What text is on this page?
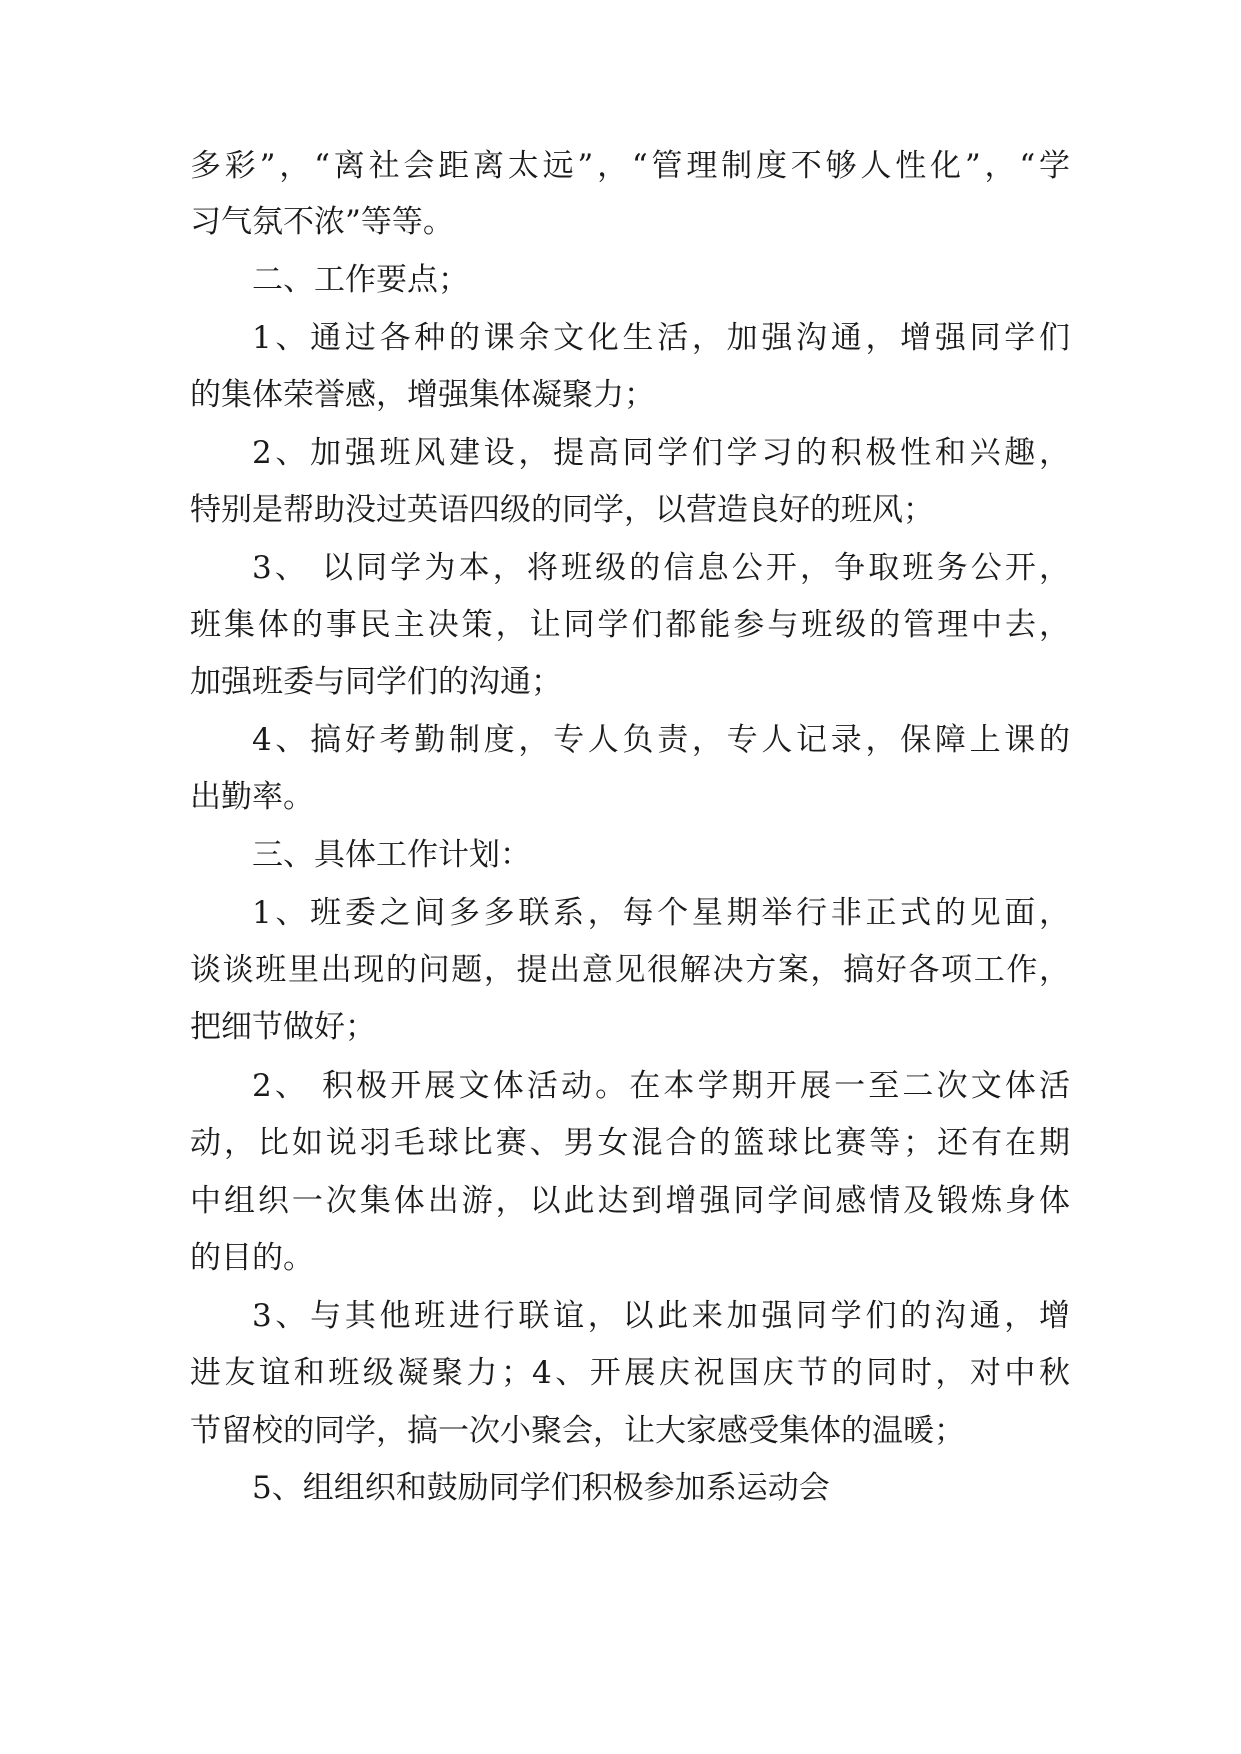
多彩”，“离社会距离太远”，“管理制度不够人性化”，“学
习气氛不浓”等等。
二、工作要点；
1、通过各种的课余文化生活，加强沟通，增强同学们
的集体荣誉感，增强集体凝聚力；
2、加强班风建设，提高同学们学习的积极性和兴趣，
特别是帮助没过英语四级的同学，以营造良好的班风；
3、 以同学为本，将班级的信息公开，争取班务公开，
班集体的事民主决策，让同学们都能参与班级的管理中去，
加强班委与同学们的沟通；
4、搞好考勤制度，专人负责，专人记录，保障上课的
出勤率。
三、具体工作计划：
1、班委之间多多联系，每个星期举行非正式的见面，
谈谈班里出现的问题，提出意见很解决方案，搞好各项工作，
把细节做好；
2、 积极开展文体活动。在本学期开展一至二次文体活
动，比如说羽毛球比赛、男女混合的篮球比赛等；还有在期
中组织一次集体出游，以此达到增强同学间感情及锻炼身体
的目的。
3、与其他班进行联谊，以此来加强同学们的沟通，增
进友谊和班级凝聚力；4、开展庆祝国庆节的同时，对中秋
节留校的同学，搞一次小聚会，让大家感受集体的温暖；
5、组组织和鼓励同学们积极参加系运动会
